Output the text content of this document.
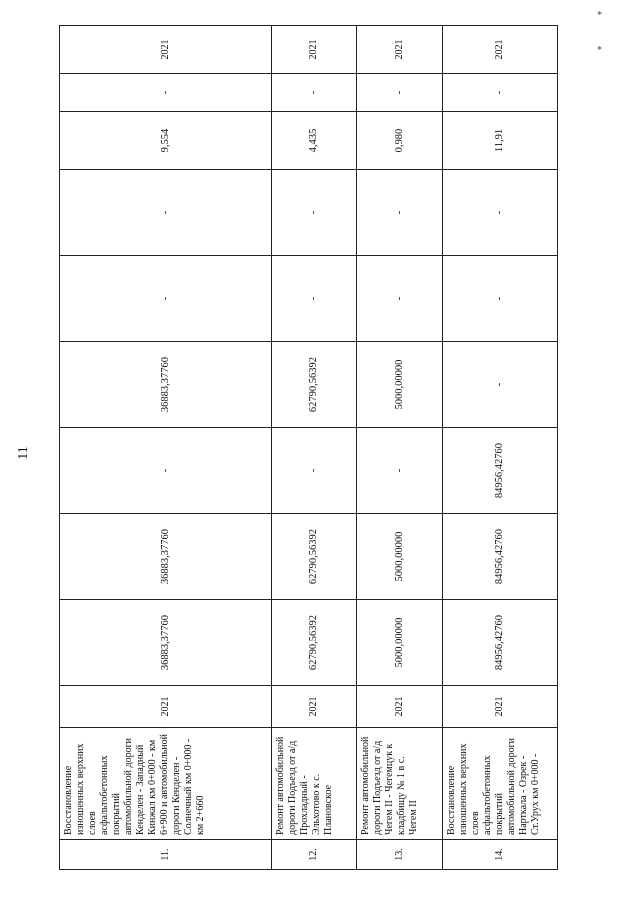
11
*
*
11.	Восстановление изношенных верхних слоев асфальтобетонных покрытий автомобильной дороги Кенделен - Западный Кинжал км 0+000 - км 6+900 и автомобильной дороги Кенделен - Солнечный км 0+000 - км 2+660	2021	36883,37760	36883,37760	-	36883,37760	-	-	9,554	-	2021
12.	Ремонт автомобильной дороги Подъезд от а/д Прохладный - Эльхотово к с. Плановское	2021	62790,56392	62790,56392	-	62790,56392	-	-	4,435	-	2021
13.	Ремонт автомобильной дороги Подъезд от а/д Чегем II - Чегемцук к кладбищу № 1 в с. Чегем II	2021	5000,00000	5000,00000	-	5000,00000	-	-	0,980	-	2021
14.	Восстановление изношенных верхних слоев асфальтобетонных покрытий автомобильной дороги Нарткала - Озрек - Ст.Урух км 0+000 -	2021	84956,42760	84956,42760	84956,42760	-	-	-	11,91	-	2021
